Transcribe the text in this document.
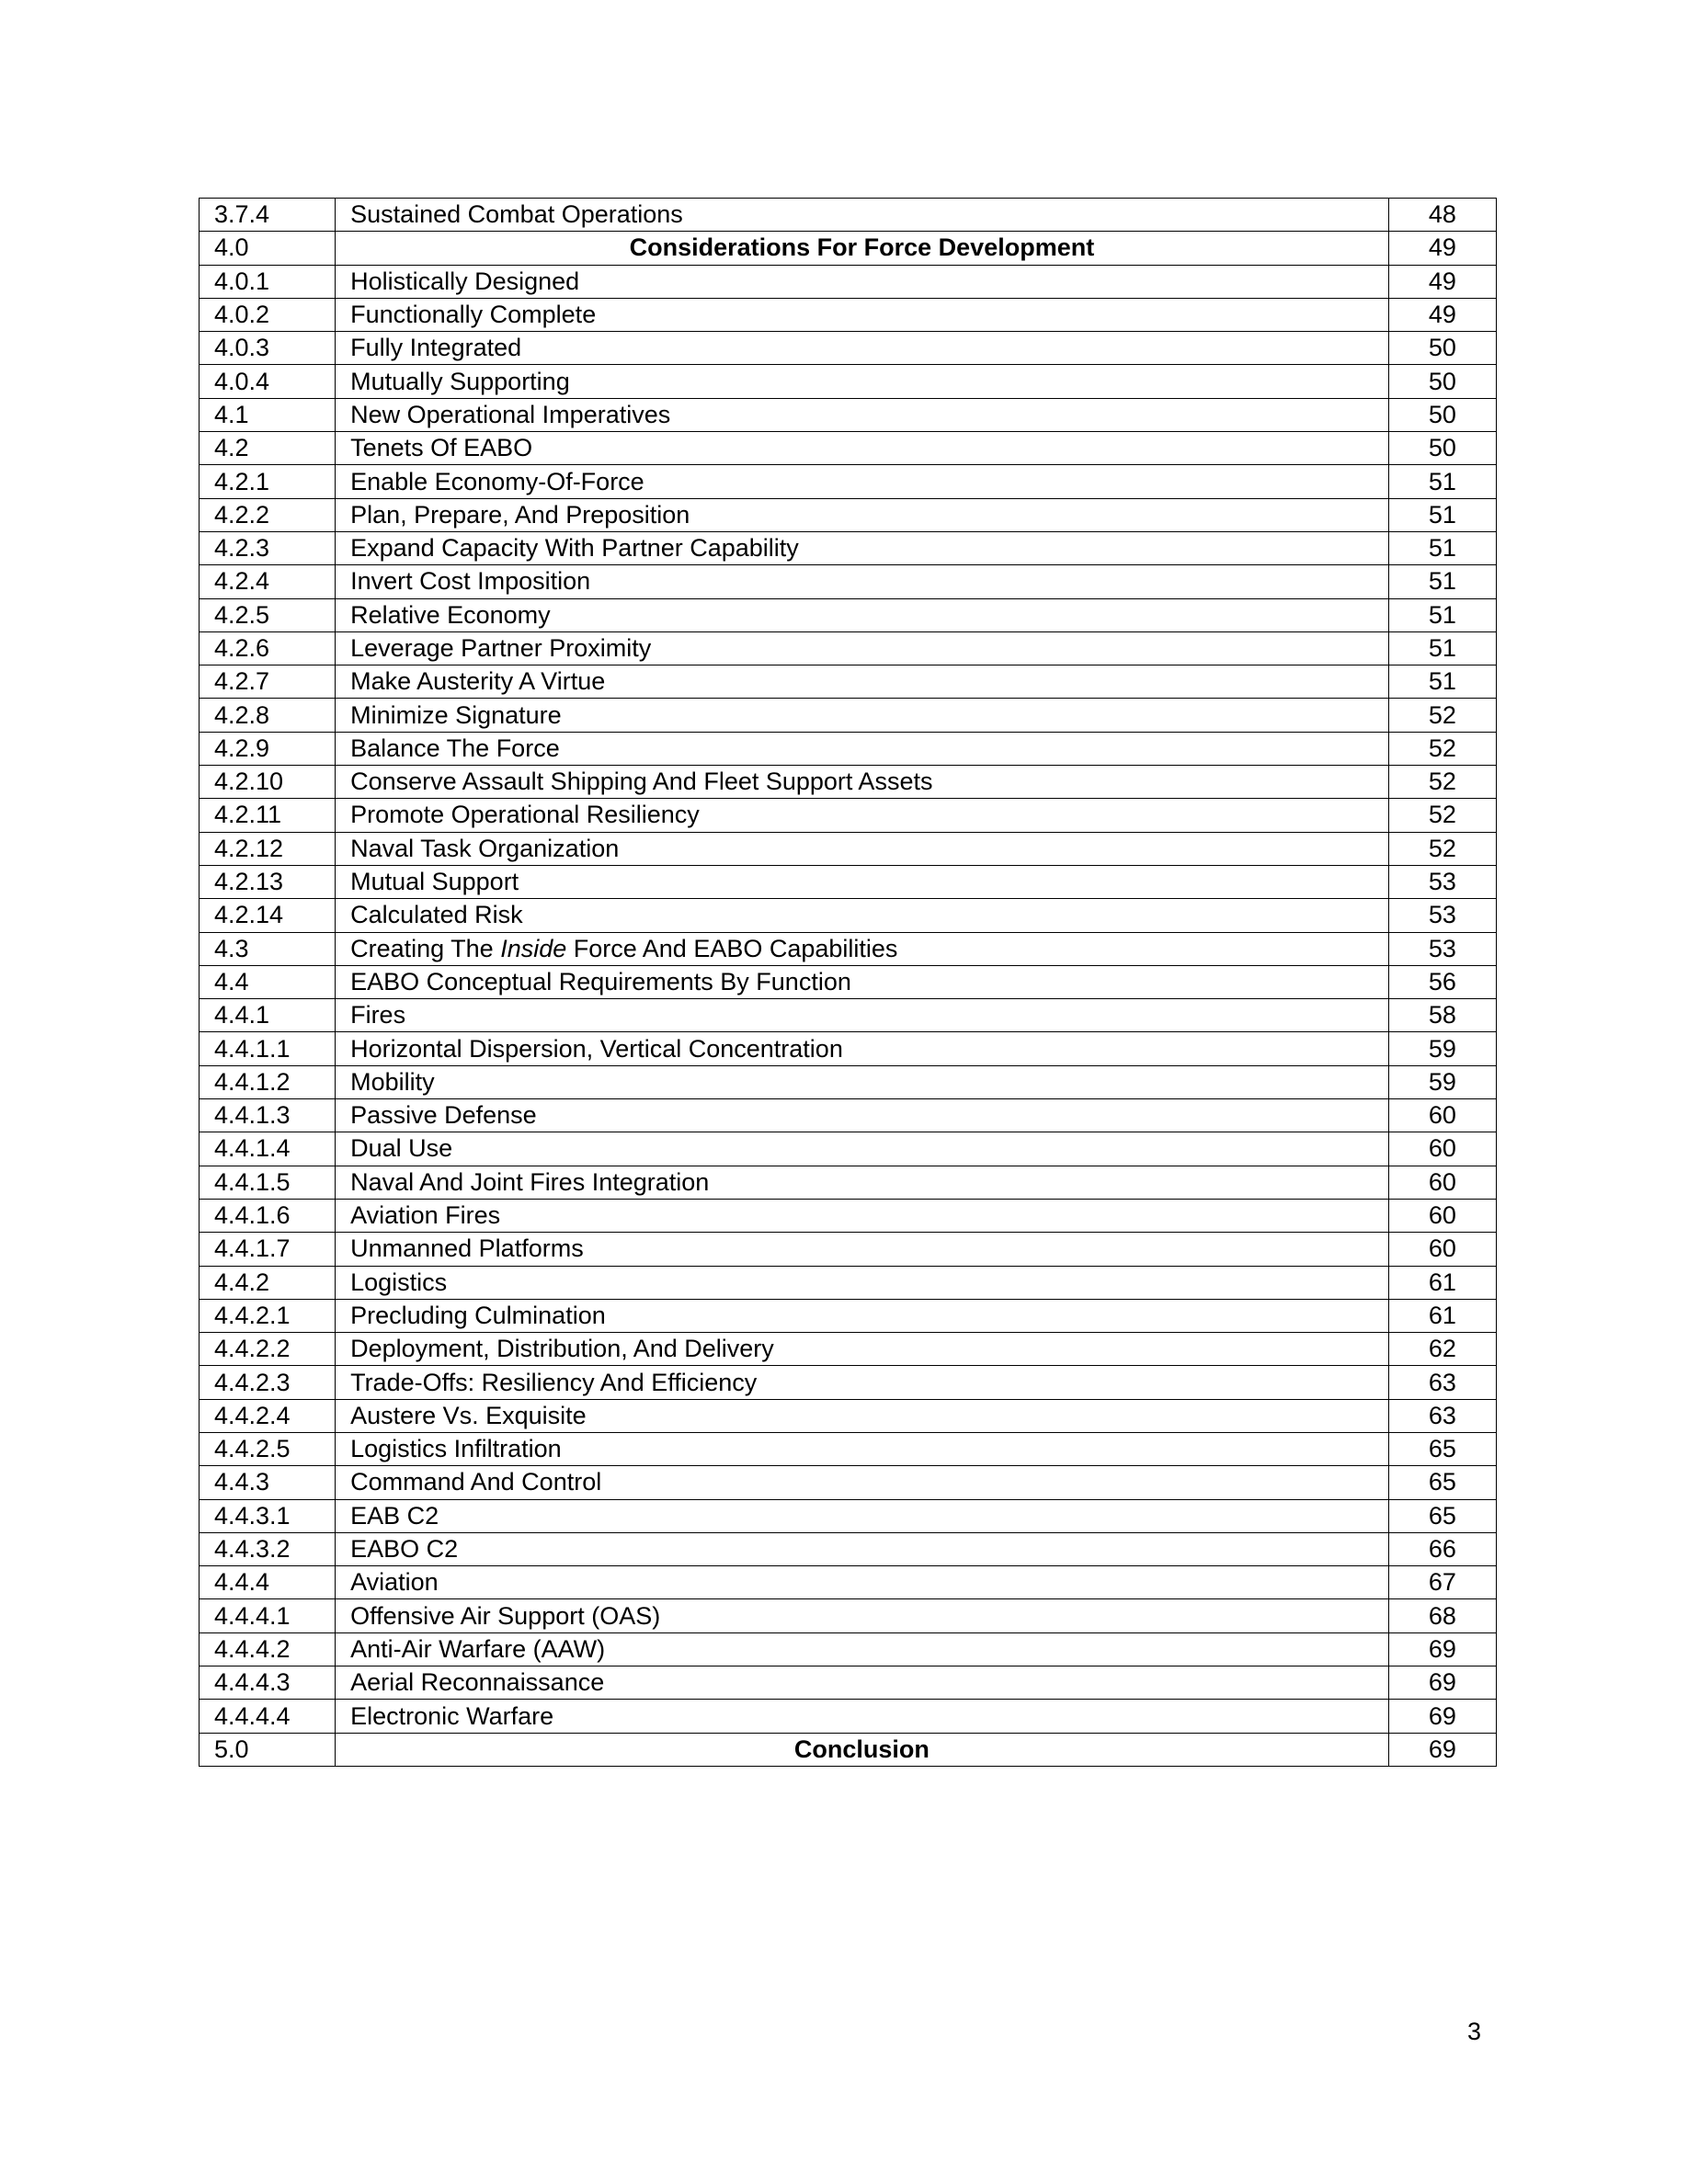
3.7.4	Sustained Combat Operations	48
4.0	Considerations For Force Development	49
4.0.1	Holistically Designed	49
4.0.2	Functionally Complete	49
4.0.3	Fully Integrated	50
4.0.4	Mutually Supporting	50
4.1	New Operational Imperatives	50
4.2	Tenets Of EABO	50
4.2.1	Enable Economy-Of-Force	51
4.2.2	Plan, Prepare, And Preposition	51
4.2.3	Expand Capacity With Partner Capability	51
4.2.4	Invert Cost Imposition	51
4.2.5	Relative Economy	51
4.2.6	Leverage Partner Proximity	51
4.2.7	Make Austerity A Virtue	51
4.2.8	Minimize Signature	52
4.2.9	Balance The Force	52
4.2.10	Conserve Assault Shipping And Fleet Support Assets	52
4.2.11	Promote Operational Resiliency	52
4.2.12	Naval Task Organization	52
4.2.13	Mutual Support	53
4.2.14	Calculated Risk	53
4.3	Creating The Inside Force And EABO Capabilities	53
4.4	EABO Conceptual Requirements By Function	56
4.4.1	Fires	58
4.4.1.1	Horizontal Dispersion, Vertical Concentration	59
4.4.1.2	Mobility	59
4.4.1.3	Passive Defense	60
4.4.1.4	Dual Use	60
4.4.1.5	Naval And Joint Fires Integration	60
4.4.1.6	Aviation Fires	60
4.4.1.7	Unmanned Platforms	60
4.4.2	Logistics	61
4.4.2.1	Precluding Culmination	61
4.4.2.2	Deployment, Distribution, And Delivery	62
4.4.2.3	Trade-Offs: Resiliency And Efficiency	63
4.4.2.4	Austere Vs. Exquisite	63
4.4.2.5	Logistics Infiltration	65
4.4.3	Command And Control	65
4.4.3.1	EAB C2	65
4.4.3.2	EABO C2	66
4.4.4	Aviation	67
4.4.4.1	Offensive Air Support (OAS)	68
4.4.4.2	Anti-Air Warfare (AAW)	69
4.4.4.3	Aerial Reconnaissance	69
4.4.4.4	Electronic Warfare	69
5.0	Conclusion	69
3
